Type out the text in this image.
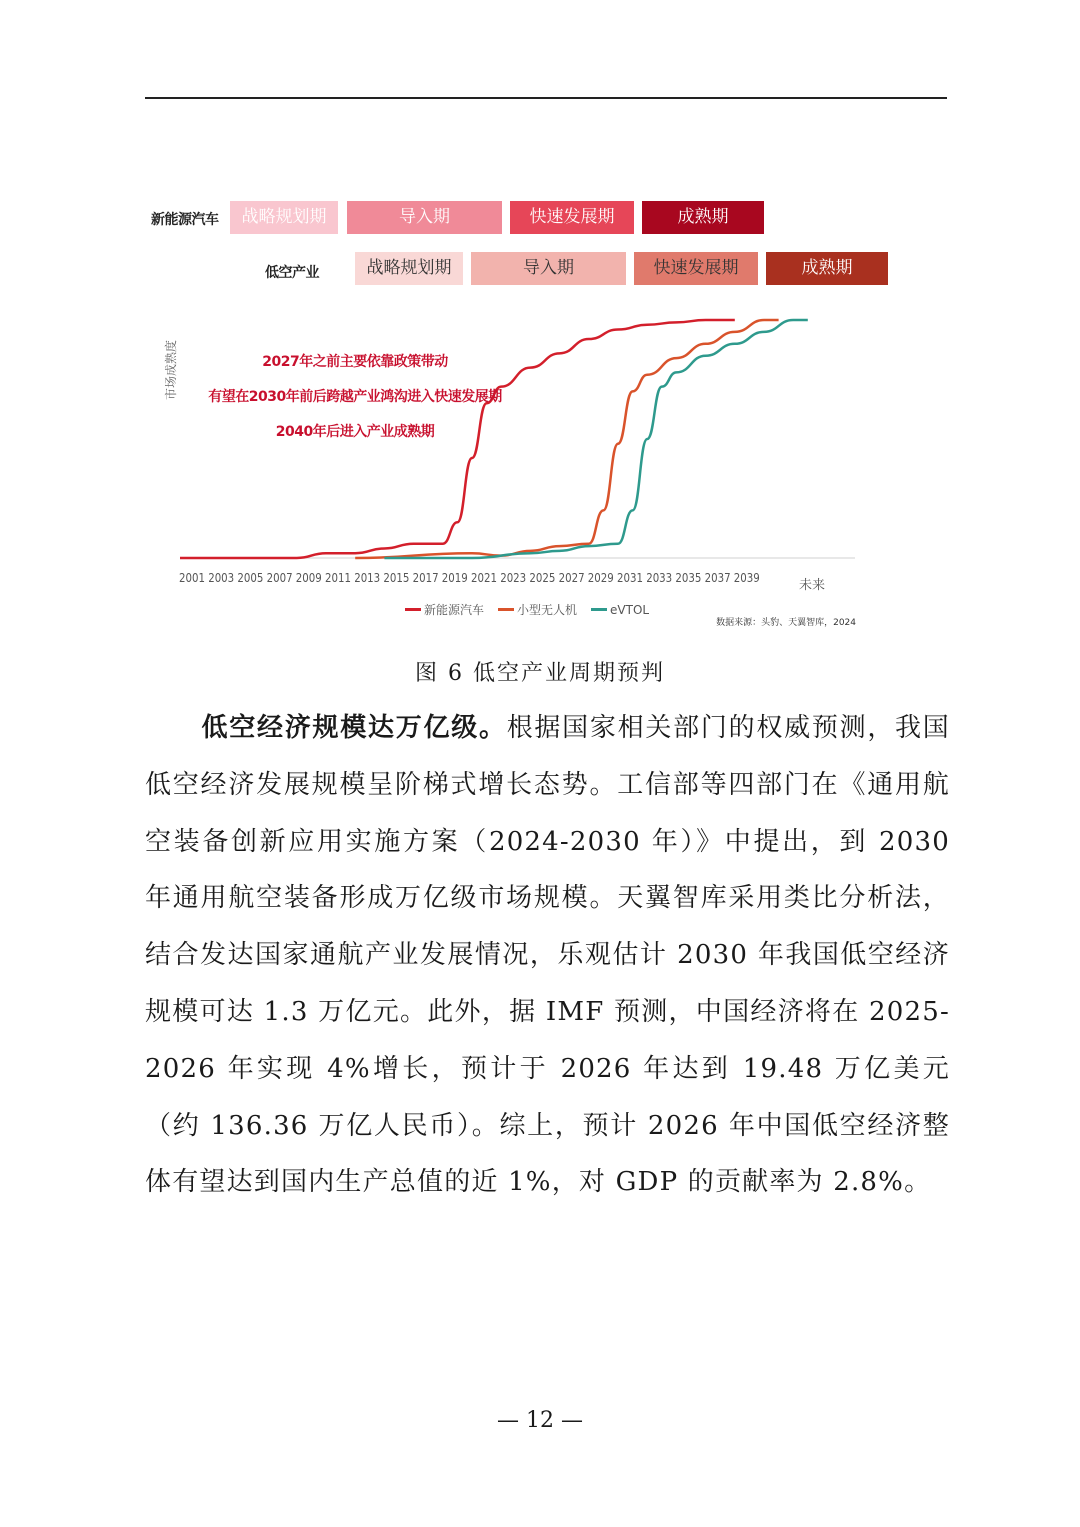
新能源汽车	战略规划期	导入期	快速发展期	成熟期
低空产业	战略规划期	导入期	快速发展期	成熟期
2001 2003 2005 2007 2009 2011 2013 2015 2017 2019 2021 2023 2025 2027 2029 2031 2033 2035 2037 2039	未来
2027年之前主要依靠政策带动
有望在2030年前后跨越产业鸿沟进入快速发展期
2040年后进入产业成熟期
市场成熟度
新能源汽车	小型无人机	eVTOL
数据来源：头豹、天翼智库，2024
图 6 低空产业周期预判
低空经济规模达万亿级。根据国家相关部门的权威预测，我国低空经济发展规模呈阶梯式增长态势。工信部等四部门在《通用航空装备创新应用实施方案（2024-2030 年）》中提出，到 2030 年通用航空装备形成万亿级市场规模。天翼智库采用类比分析法，结合发达国家通航产业发展情况，乐观估计 2030 年我国低空经济规模可达 1.3 万亿元。此外，据 IMF 预测，中国经济将在 2025-2026 年实现 4%增长，预计于 2026 年达到 19.48 万亿美元（约 136.36 万亿人民币）。综上，预计 2026 年中国低空经济整体有望达到国内生产总值的近 1%，对 GDP 的贡献率为 2.8%。
— 12 —
